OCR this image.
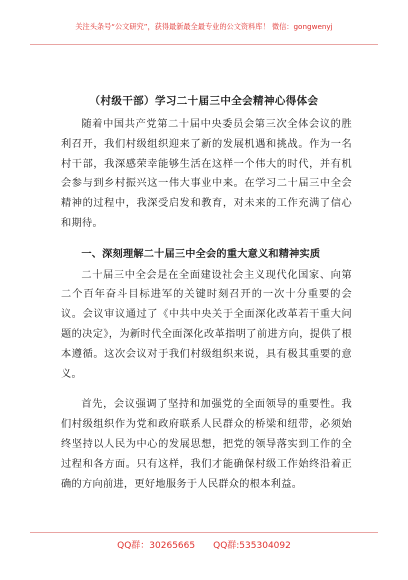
关注头条号“公文研究”，获得最新最全最专业的公文资料库！ 微信：gongwenyj
（村级干部）学习二十届三中全会精神心得体会

随着中国共产党第二十届中央委员会第三次全体会议的胜利召开，我们村级组织迎来了新的发展机遇和挑战。作为一名村干部，我深感荣幸能够生活在这样一个伟大的时代，并有机会参与到乡村振兴这一伟大事业中来。在学习二十届三中全会精神的过程中，我深受启发和教育，对未来的工作充满了信心和期待。

一、深刻理解二十届三中全会的重大意义和精神实质

二十届三中全会是在全面建设社会主义现代化国家、向第二个百年奋斗目标进军的关键时刻召开的一次十分重要的会议。会议审议通过了《中共中央关于全面深化改革若干重大问题的决定》，为新时代全面深化改革指明了前进方向，提供了根本遵循。这次会议对于我们村级组织来说，具有极其重要的意义。

首先，会议强调了坚持和加强党的全面领导的重要性。我们村级组织作为党和政府联系人民群众的桥梁和纽带，必须始终坚持以人民为中心的发展思想，把党的领导落实到工作的全过程和各方面。只有这样，我们才能确保村级工作始终沿着正确的方向前进，更好地服务于人民群众的根本利益。

QQ群：30265665 QQ群:535304092
